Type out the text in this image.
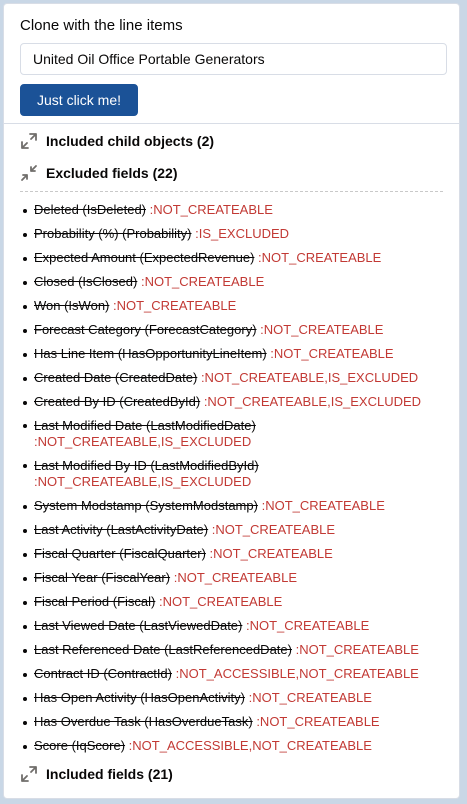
Clone with the line items
United Oil Office Portable Generators Just click me!
Included child objects (2)
Excluded fields (22)
Deleted (IsDeleted) :NOT_CREATEABLE
Probability (%) (Probability) :IS_EXCLUDED
Expected Amount (ExpectedRevenue) :NOT_CREATEABLE
Closed (IsClosed) :NOT_CREATEABLE
Won (IsWon) :NOT_CREATEABLE
Forecast Category (ForecastCategory) :NOT_CREATEABLE
Has Line Item (HasOpportunityLineItem) :NOT_CREATEABLE
Created Date (CreatedDate) :NOT_CREATEABLE,IS_EXCLUDED
Created By ID (CreatedById) :NOT_CREATEABLE,IS_EXCLUDED
Last Modified Date (LastModifiedDate)
:NOT_CREATEABLE,IS_EXCLUDED
Last Modified By ID (LastModifiedById)
:NOT_CREATEABLE,IS_EXCLUDED
System Modstamp (SystemModstamp) :NOT_CREATEABLE
Last Activity (LastActivityDate) :NOT_CREATEABLE
Fiscal Quarter (FiscalQuarter) :NOT_CREATEABLE
Fiscal Year (FiscalYear) :NOT_CREATEABLE
Fiscal Period (Fiscal) :NOT_CREATEABLE
Last Viewed Date (LastViewedDate) :NOT_CREATEABLE
Last Referenced Date (LastReferencedDate) :NOT_CREATEABLE
Contract ID (ContractId) :NOT_ACCESSIBLE,NOT_CREATEABLE
Has Open Activity (HasOpenActivity) :NOT_CREATEABLE
Has Overdue Task (HasOverdueTask) :NOT_CREATEABLE
Score (IqScore) :NOT_ACCESSIBLE,NOT_CREATEABLE
Included fields (21)
